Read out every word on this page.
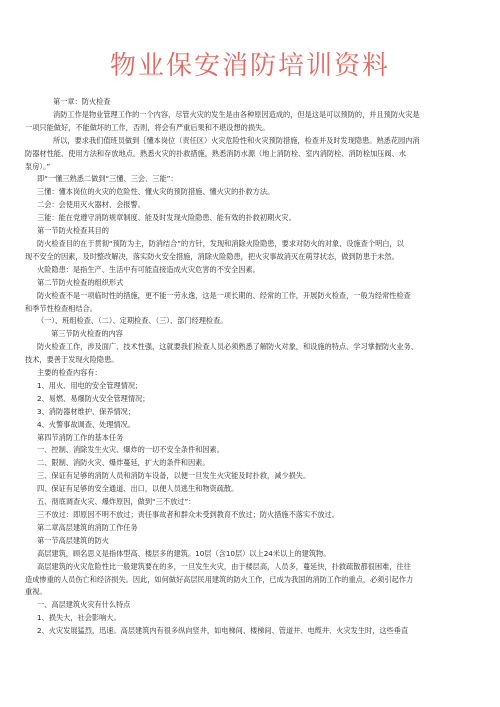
物业保安消防培训资料
第一章：防火检查
消防工作是物业管理工作的一个内容，尽管火灾的发生是由各种原因造成的，但是这是可以预防的，并且预防火灾是
一项只能做好，不能做坏的工作，否则，将会有严重后果和不堪设想的损失。
所以，要求我们值班员做到｛懂本岗位（责任区）火灾危险性和火灾预防措施，检查并及时发现隐患。熟悉花园内消
防器材性能、使用方法和存放地点。熟悉火灾的扑救措施，熟悉消防水源（地上消防栓、室内消防栓、消防栓加压阀、水
泵房）。”
即“一懂三熟悉二做到“三懂、三会、三能”：
三懂：懂本岗位的火灾的危险性、懂火灾的预防措施、懂火灾的扑救方法。
二会：会使用灭火器材、会报警。
三能：能在党遵守消防规章制度、能及时发现火险隐患、能有效的扑救初期火灾。
第一节防火检查其目的
防火检查目的在于贯彻“预防为主，防消结合”的方针，发现和消除火险隐患，要求对防火的对象、设施查个明白，以
现不安全的因素，及时整改解决，落实防火安全措施，消除火险隐患，把火灾事故消灭在萌芽状态，做到防患于未然。
火险隐患：是指生产、生活中有可能直接造成火灾危害的不安全因素。
第二节防火检查的组织形式
防火检查不是一项临时性的措施，更不能一劳永逸，这是一项长期的、经常的工作，开展防火检查，一般为经常性检查
和季节性检查相结合。
（一）、班组检查、（二）、定期检查、（三）、部门经理检查。
第三节防火检查的内容
防火检查工作，涉及面广、技术性强，这就要我们检查人员必须熟悉了解防火对象，和设施的特点、学习掌握防火业务、
技术，要善于发现火险隐患。
主要的检查内容有：
1、用火、用电的安全管理情况；
2、易燃、易爆防火安全管理情况；
3、消防器材维护、保养情况；
4、火警事故调查、处理情况。
第四节消防工作的基本任务
一、控制、消除发生火灾、爆炸的一切不安全条件和因素。
二、限制、消防火灾、爆炸蔓延，扩大的条件和因素。
三、保证有足够的消防人员和消防车设备，以便一旦发生火灾能及时扑救，减少损失。
四、保证有足够的安全通道、出口，以便人员逃生和物资疏散。
五、彻底调查火灾、爆炸原因，做到“三不放过”：
三不放过：即原因不明不放过；责任事故者和群众未受到教育不放过；防火措施不落实不放过。
第二章高层建筑的消防工作任务
第一节高层建筑的防火
高层建筑，顾名思义是指体型高、楼层多的建筑。10层（含10层）以上24米以上的建筑物。
高层建筑的火灾危险性比一般建筑要在的多，一旦发生火灾，由于楼层高，人员多，蔓延快，扑救疏散都很困难，往往
造成惨重的人员伤亡和经济损失。因此，如何做好高层民用建筑的防火工作，已成为我国的消防工作的重点，必须引起作力
重视。
一、高层建筑火灾有什么特点
1、损失大，社会影响大。
2、火灾发展猛烈，迅速。高层建筑内有很多纵向竖井，如电梯间、楼梯间、管道井、电缆井、火灾发生时，这些垂直
